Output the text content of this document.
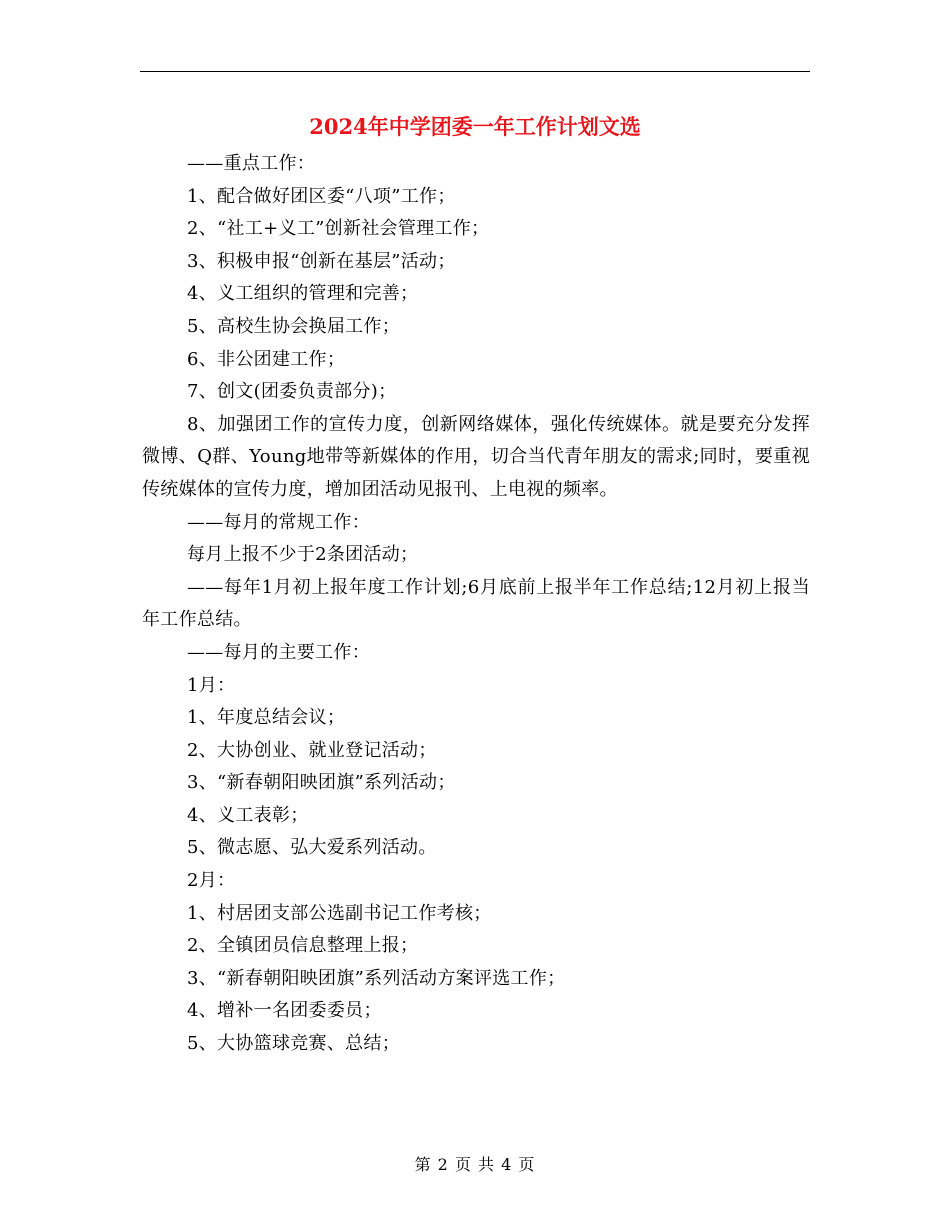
2024年中学团委一年工作计划文选

——重点工作：

1、配合做好团区委“八项”工作；

2、“社工+义工”创新社会管理工作；

3、积极申报“创新在基层”活动；

4、义工组织的管理和完善；

5、高校生协会换届工作；

6、非公团建工作；

7、创文(团委负责部分)；

8、加强团工作的宣传力度，创新网络媒体，强化传统媒体。就是要充分发挥微博、Q群、Young地带等新媒体的作用，切合当代青年朋友的需求;同时，要重视传统媒体的宣传力度，增加团活动见报刊、上电视的频率。

——每月的常规工作：

每月上报不少于2条团活动；

——每年1月初上报年度工作计划;6月底前上报半年工作总结;12月初上报当年工作总结。

——每月的主要工作：

1月：

1、年度总结会议；

2、大协创业、就业登记活动；

3、“新春朝阳映团旗”系列活动；

4、义工表彰；

5、微志愿、弘大爱系列活动。

2月：

1、村居团支部公选副书记工作考核；

2、全镇团员信息整理上报；

3、“新春朝阳映团旗”系列活动方案评选工作；

4、增补一名团委委员；

5、大协篮球竞赛、总结；

第 2 页 共 4 页
